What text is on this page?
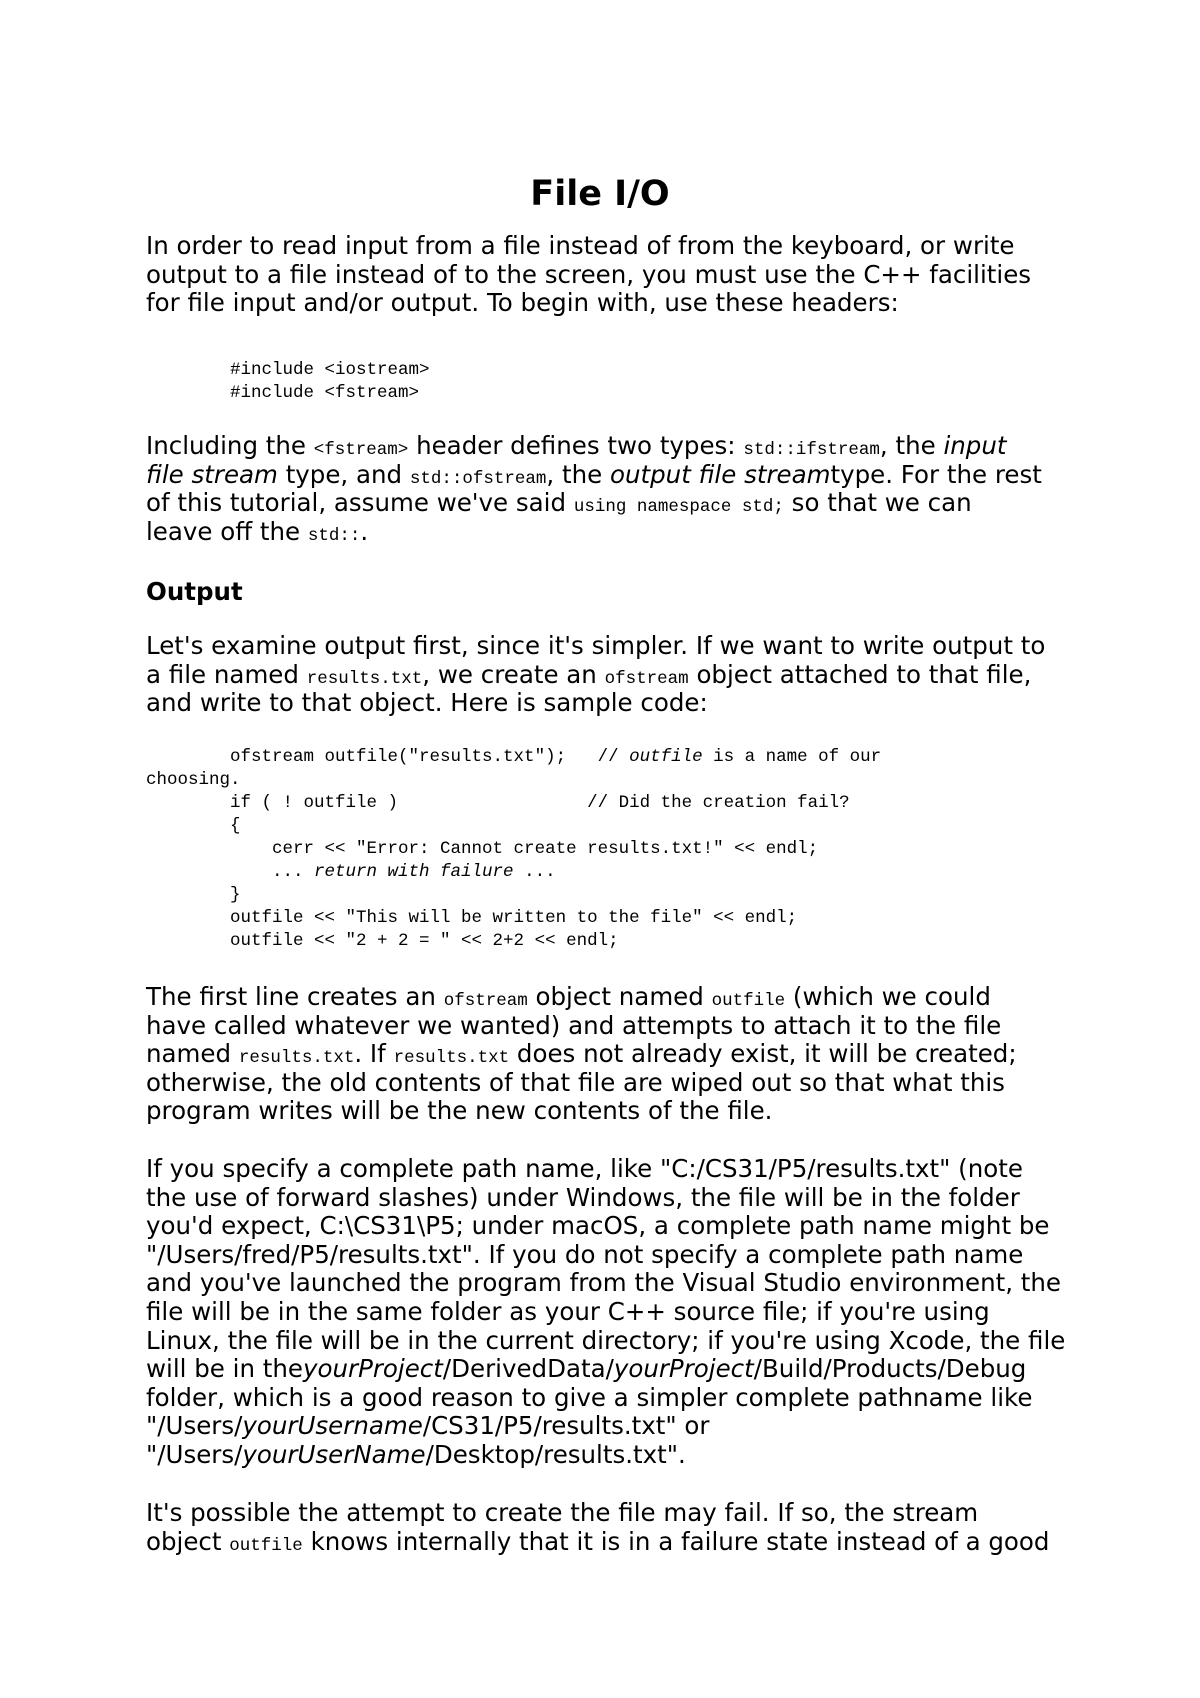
File I/O
In order to read input from a file instead of from the keyboard, or write
output to a file instead of to the screen, you must use the C++ facilities
for file input and/or output. To begin with, use these headers:
#include <iostream>
#include <fstream>
Including the <fstream> header defines two types: std::ifstream, the input
file stream type, and std::ofstream, the output file streamtype. For the rest
of this tutorial, assume we've said using namespace std; so that we can
leave off the std::.
Output
Let's examine output first, since it's simpler. If we want to write output to
a file named results.txt, we create an ofstream object attached to that file,
and write to that object. Here is sample code:
ofstream outfile("results.txt");   // outfile is a name of our
choosing.
if ( ! outfile )                  // Did the creation fail?
{
cerr << "Error: Cannot create results.txt!" << endl;
... return with failure ...
}
outfile << "This will be written to the file" << endl;
outfile << "2 + 2 = " << 2+2 << endl;
The first line creates an ofstream object named outfile (which we could
have called whatever we wanted) and attempts to attach it to the file
named results.txt. If results.txt does not already exist, it will be created;
otherwise, the old contents of that file are wiped out so that what this
program writes will be the new contents of the file.
If you specify a complete path name, like "C:/CS31/P5/results.txt" (note
the use of forward slashes) under Windows, the file will be in the folder
you'd expect, C:\CS31\P5; under macOS, a complete path name might be
"/Users/fred/P5/results.txt". If you do not specify a complete path name
and you've launched the program from the Visual Studio environment, the
file will be in the same folder as your C++ source file; if you're using
Linux, the file will be in the current directory; if you're using Xcode, the file
will be in theyourProject/DerivedData/yourProject/Build/Products/Debug
folder, which is a good reason to give a simpler complete pathname like
"/Users/yourUsername/CS31/P5/results.txt" or
"/Users/yourUserName/Desktop/results.txt".
It's possible the attempt to create the file may fail. If so, the stream
object outfile knows internally that it is in a failure state instead of a good
